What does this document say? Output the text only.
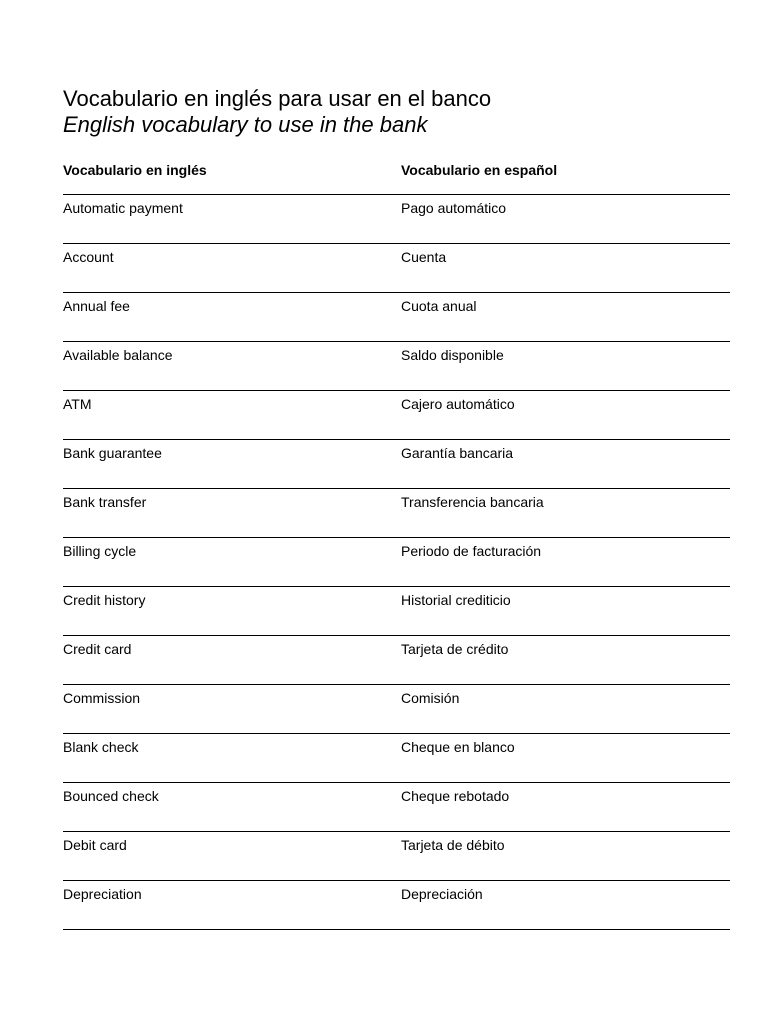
Vocabulario en inglés para usar en el banco
English vocabulary to use in the bank
Vocabulario en inglés	Vocabulario en español
Automatic payment	Pago automático
Account	Cuenta
Annual fee	Cuota anual
Available balance	Saldo disponible
ATM	Cajero automático
Bank guarantee	Garantía bancaria
Bank transfer	Transferencia bancaria
Billing cycle	Periodo de facturación
Credit history	Historial crediticio
Credit card	Tarjeta de crédito
Commission	Comisión
Blank check	Cheque en blanco
Bounced check	Cheque rebotado
Debit card	Tarjeta de débito
Depreciation	Depreciación
